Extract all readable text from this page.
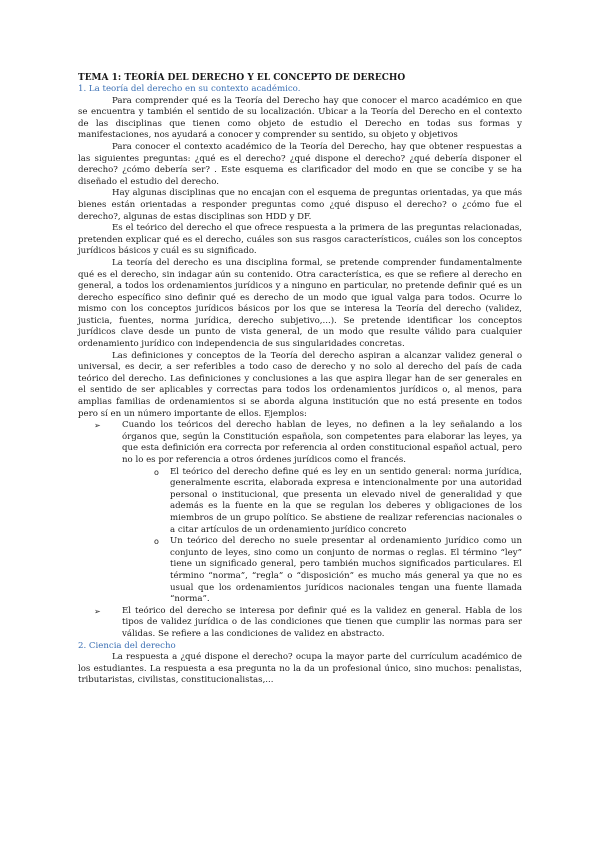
TEMA 1: TEORÍA DEL DERECHO Y EL CONCEPTO DE DERECHO
1. La teoría del derecho en su contexto académico.

Para comprender qué es la Teoría del Derecho hay que conocer el marco académico en que se encuentra y también el sentido de su localización. Ubicar a la Teoría del Derecho en el contexto de las disciplinas que tienen como objeto de estudio el Derecho en todas sus formas y manifestaciones, nos ayudará a conocer y comprender su sentido, su objeto y objetivos

Para conocer el contexto académico de la Teoría del Derecho, hay que obtener respuestas a las siguientes preguntas: ¿qué es el derecho? ¿qué dispone el derecho? ¿qué debería disponer el derecho? ¿cómo debería ser? . Este esquema es clarificador del modo en que se concibe y se ha diseñado el estudio del derecho.

Hay algunas disciplinas que no encajan con el esquema de preguntas orientadas, ya que más bienes están orientadas a responder preguntas como ¿qué dispuso el derecho? o ¿cómo fue el derecho?, algunas de estas disciplinas son HDD y DF.

Es el teórico del derecho el que ofrece respuesta a la primera de las preguntas relacionadas, pretenden explicar qué es el derecho, cuáles son sus rasgos característicos, cuáles son los conceptos jurídicos básicos y cuál es su significado.

La teoría del derecho es una disciplina formal, se pretende comprender fundamentalmente qué es el derecho, sin indagar aún su contenido. Otra característica, es que se refiere al derecho en general, a todos los ordenamientos jurídicos y a ninguno en particular, no pretende definir qué es un derecho específico sino definir qué es derecho de un modo que igual valga para todos. Ocurre lo mismo con los conceptos jurídicos básicos por los que se interesa la Teoría del derecho (validez, justicia, fuentes, norma jurídica, derecho subjetivo,...). Se pretende identificar los conceptos jurídicos clave desde un punto de vista general, de un modo que resulte válido para cualquier ordenamiento jurídico con independencia de sus singularidades concretas.

Las definiciones y conceptos de la Teoría del derecho aspiran a alcanzar validez general o universal, es decir, a ser referibles a todo caso de derecho y no solo al derecho del país de cada teórico del derecho. Las definiciones y conclusiones a las que aspira llegar han de ser generales en el sentido de ser aplicables y correctas para todos los ordenamientos jurídicos o, al menos, para amplias familias de ordenamientos si se aborda alguna institución que no está presente en todos pero sí en un número importante de ellos. Ejemplos:

➢ Cuando los teóricos del derecho hablan de leyes, no definen a la ley señalando a los órganos que, según la Constitución española, son competentes para elaborar las leyes, ya que esta definición era correcta por referencia al orden constitucional español actual, pero no lo es por referencia a otros órdenes jurídicos como el francés.
o El teórico del derecho define qué es ley en un sentido general: norma jurídica, generalmente escrita, elaborada expresa e intencionalmente por una autoridad personal o institucional, que presenta un elevado nivel de generalidad y que además es la fuente en la que se regulan los deberes y obligaciones de los miembros de un grupo político. Se abstiene de realizar referencias nacionales o a citar artículos de un ordenamiento jurídico concreto
o Un teórico del derecho no suele presentar al ordenamiento jurídico como un conjunto de leyes, sino como un conjunto de normas o reglas. El término “ley” tiene un significado general, pero también muchos significados particulares. El término “norma”, “regla” o “disposición” es mucho más general ya que no es usual que los ordenamientos jurídicos nacionales tengan una fuente llamada “norma”.
➢ El teórico del derecho se interesa por definir qué es la validez en general. Habla de los tipos de validez jurídica o de las condiciones que tienen que cumplir las normas para ser válidas. Se refiere a las condiciones de validez en abstracto.
2. Ciencia del derecho

La respuesta a ¿qué dispone el derecho? ocupa la mayor parte del currículum académico de los estudiantes. La respuesta a esa pregunta no la da un profesional único, sino muchos: penalistas, tributaristas, civilistas, constitucionalistas,...
